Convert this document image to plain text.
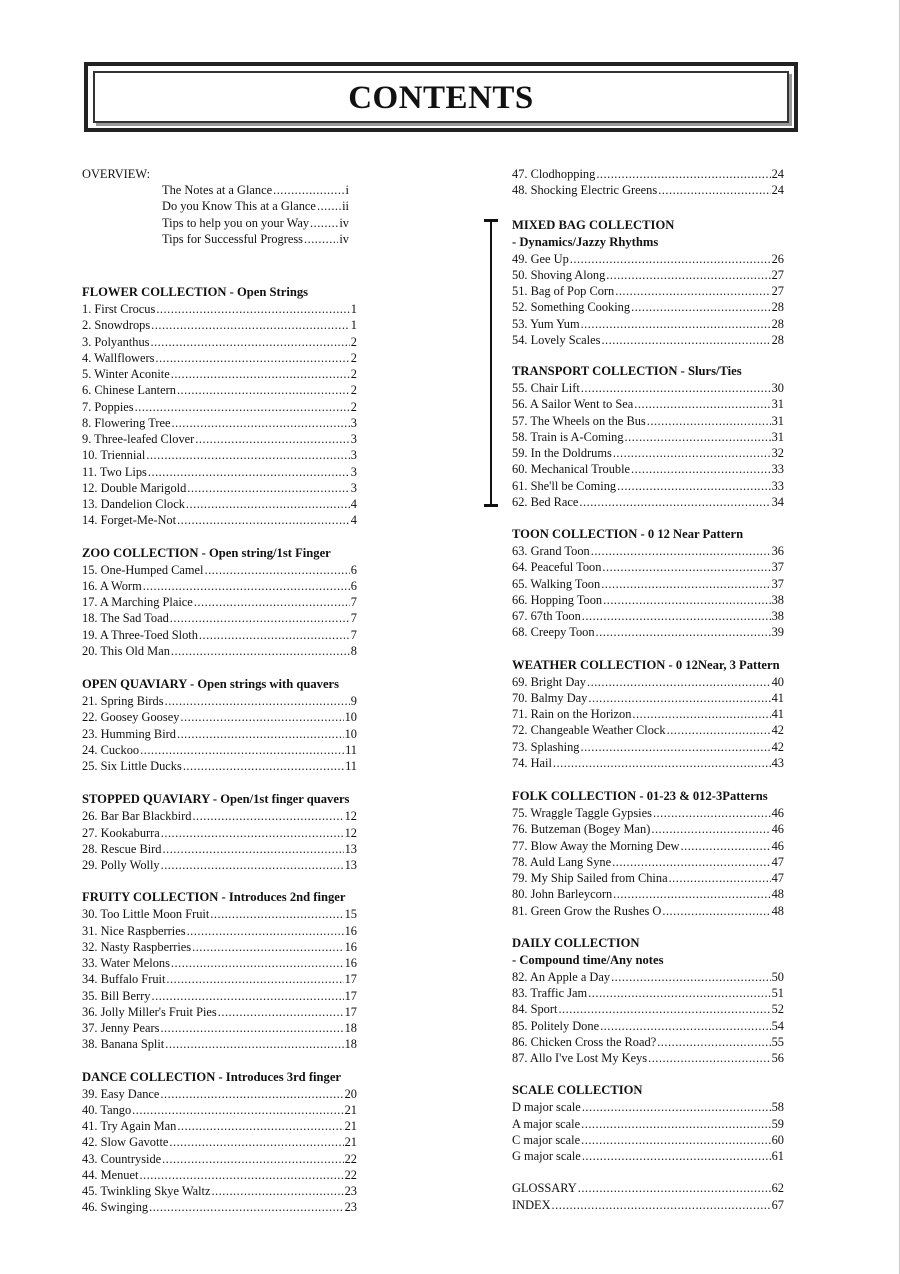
CONTENTS
OVERVIEW:
The Notes at a Glance .....	i
Do you Know This at a Glance ..... ii
Tips to help you on your Way ..... iv
Tips for Successful Progress .....	iv
FLOWER COLLECTION - Open Strings
1. First Crocus .....	1
2. Snowdrops .....	1
3. Polyanthus .....	2
4. Wallflowers .....	2
5. Winter Aconite .....	2
6. Chinese Lantern .....	2
7. Poppies .....	2
8. Flowering Tree .....	3
9. Three-leafed Clover .....	3
10. Triennial .....	3
11. Two Lips .....	3
12. Double Marigold .....	3
13. Dandelion Clock .....	4
14. Forget-Me-Not .....	4
ZOO COLLECTION - Open string/1st Finger
15. One-Humped Camel .....	6
16. A Worm .....	6
17. A Marching Plaice .....	7
18. The Sad Toad .....	7
19. A Three-Toed Sloth .....	7
20. This Old Man .....	8
OPEN QUAVIARY - Open strings with quavers
21. Spring Birds .....	9
22. Goosey Goosey .....	10
23. Humming Bird .....	10
24. Cuckoo .....	11
25. Six Little Ducks .....	11
STOPPED QUAVIARY - Open/1st finger quavers
26. Bar Bar Blackbird .....	12
27. Kookaburra .....	12
28. Rescue Bird .....	13
29. Polly Wolly .....	13
FRUITY COLLECTION - Introduces 2nd finger
30. Too Little Moon Fruit .....	15
31. Nice Raspberries .....	16
32. Nasty Raspberries .....	16
33. Water Melons .....	16
34. Buffalo Fruit .....	17
35. Bill Berry .....	17
36. Jolly Miller's Fruit Pies .....	17
37. Jenny Pears .....	18
38. Banana Split .....	18
DANCE COLLECTION - Introduces 3rd finger
39. Easy Dance .....	20
40. Tango .....	21
41. Try Again Man .....	21
42. Slow Gavotte .....	21
43. Countryside .....	22
44. Menuet .....	22
45. Twinkling Skye Waltz .....	23
46. Swinging .....	23
47. Clodhopping .....	24
48. Shocking Electric Greens .....	24
MIXED BAG COLLECTION
- Dynamics/Jazzy Rhythms
49. Gee Up .....	26
50. Shoving Along .....	27
51. Bag of Pop Corn .....	27
52. Something Cooking .....	28
53. Yum Yum .....	28
54. Lovely Scales .....	28
TRANSPORT COLLECTION - Slurs/Ties
55. Chair Lift .....	30
56. A Sailor Went to Sea .....	31
57. The Wheels on the Bus .....	31
58. Train is A-Coming .....	31
59. In the Doldrums .....	32
60. Mechanical Trouble .....	33
61. She'll be Coming .....	33
62. Bed Race .....	34
TOON COLLECTION - 0 12 Near Pattern
63. Grand Toon .....	36
64. Peaceful Toon .....	37
65. Walking Toon .....	37
66. Hopping Toon .....	38
67. 67th Toon .....	38
68. Creepy Toon .....	39
WEATHER COLLECTION - 0 12Near, 3 Pattern
69. Bright Day .....	40
70. Balmy Day .....	41
71. Rain on the Horizon .....	41
72. Changeable Weather Clock .....	42
73. Splashing .....	42
74. Hail .....	43
FOLK COLLECTION - 01-23 & 012-3Patterns
75. Wraggle Taggle Gypsies .....	46
76. Butzeman (Bogey Man) .....	46
77. Blow Away the Morning Dew .....	46
78. Auld Lang Syne .....	47
79. My Ship Sailed from China .....	47
80. John Barleycorn .....	48
81. Green Grow the Rushes O .....	48
DAILY COLLECTION
- Compound time/Any notes
82. An Apple a Day .....	50
83. Traffic Jam .....	51
84. Sport .....	52
85. Politely Done .....	54
86. Chicken Cross the Road? .....	55
87. Allo I've Lost My Keys .....	56
SCALE COLLECTION
D major scale .....	58
A major scale .....	59
C major scale .....	60
G major scale .....	61
GLOSSARY .....	62
INDEX .....	67
